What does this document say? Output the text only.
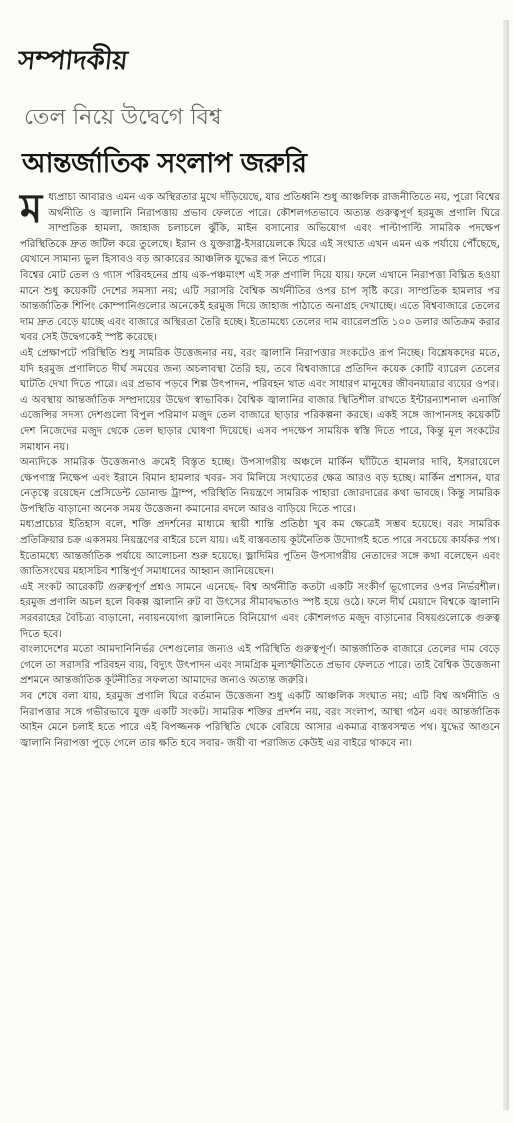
সম্পাদকীয়
তেল নিয়ে উদ্বেগে বিশ্ব
আন্তর্জাতিক সংলাপ জরুরি

মধ্যপ্রাচ্য আবারও এমন এক অস্থিরতার মুখে দাঁড়িয়েছে, যার প্রতিধ্বনি শুধু আঞ্চলিক রাজনীতিতে নয়, পুরো বিশ্বের অর্থনীতি ও জ্বালানি নিরাপত্তায় প্রভাব ফেলতে পারে। কৌশলগতভাবে অত্যন্ত গুরুত্বপূর্ণ হরমুজ প্রণালি ঘিরে সাম্প্রতিক হামলা, জাহাজ চলাচলে ঝুঁকি, মাইন বসানোর অভিযোগ এবং পাল্টাপাল্টি সামরিক পদক্ষেপ পরিস্থিতিকে দ্রুত জটিল করে তুলেছে। ইরান ও যুক্তরাষ্ট্র-ইসরায়েলকে ঘিরে এই সংঘাত এখন এমন এক পর্যায়ে পৌঁছেছে, যেখানে সামান্য ভুল হিসাবও বড় আকারের আঞ্চলিক যুদ্ধের রূপ নিতে পারে।

বিশ্বের মোট তেল ও গ্যাস পরিবহনের প্রায় এক-পঞ্চমাংশ এই সরু প্রণালি দিয়ে যায়। ফলে এখানে নিরাপত্তা বিঘ্নিত হওয়া মানে শুধু কয়েকটি দেশের সমস্যা নয়; এটি সরাসরি বৈশ্বিক অর্থনীতির ওপর চাপ সৃষ্টি করে। সাম্প্রতিক হামলার পর আন্তর্জাতিক শিপিং কোম্পানিগুলোর অনেকেই হরমুজ দিয়ে জাহাজ পাঠাতে অনাগ্রহ দেখাচ্ছে। এতে বিশ্ববাজারে তেলের দাম দ্রুত বেড়ে যাচ্ছে এবং বাজারে অস্থিরতা তৈরি হচ্ছে। ইতোমধ্যে তেলের দাম ব্যারেলপ্রতি ১০০ ডলার অতিক্রম করার খবর সেই উদ্বেগকেই স্পষ্ট করেছে।

এই প্রেক্ষাপটে পরিস্থিতি শুধু সামরিক উত্তেজনার নয়, বরং জ্বালানি নিরাপত্তার সংকটেও রূপ নিচ্ছে। বিশ্লেষকদের মতে, যদি হরমুজ প্রণালিতে দীর্ঘ সময়ের জন্য অচলাবস্থা তৈরি হয়, তবে বিশ্ববাজারে প্রতিদিন কয়েক কোটি ব্যারেল তেলের ঘাটতি দেখা দিতে পারে। এর প্রভাব পড়বে শিল্প উৎপাদন, পরিবহন খাত এবং সাধারণ মানুষের জীবনযাত্রার ব্যয়ের ওপর।

এ অবস্থায় আন্তর্জাতিক সম্প্রদায়ের উদ্বেগ স্বাভাবিক। বৈশ্বিক জ্বালানির বাজার স্থিতিশীল রাখতে ইন্টারন্যাশনাল এনার্জি এজেন্সির সদস্য দেশগুলো বিপুল পরিমাণ মজুদ তেল বাজারে ছাড়ার পরিকল্পনা করছে। একই সঙ্গে জাপানসহ কয়েকটি দেশ নিজেদের মজুদ থেকে তেল ছাড়ার ঘোষণা দিয়েছে। এসব পদক্ষেপ সাময়িক স্বস্তি দিতে পারে, কিন্তু মূল সংকটের সমাধান নয়।

অন্যদিকে সামরিক উত্তেজনাও ক্রমেই বিস্তৃত হচ্ছে। উপসাগরীয় অঞ্চলে মার্কিন ঘাঁটিতে হামলার দাবি, ইসরায়েলে ক্ষেপণাস্ত্র নিক্ষেপ এবং ইরানে বিমান হামলার খবর- সব মিলিয়ে সংঘাতের ক্ষেত্র আরও বড় হচ্ছে। মার্কিন প্রশাসন, যার নেতৃত্বে রয়েছেন প্রেসিডেন্ট ডোনাল্ড ট্রাম্প, পরিস্থিতি নিয়ন্ত্রণে সামরিক পাহারা জোরদারের কথা ভাবছে। কিন্তু সামরিক উপস্থিতি বাড়ানো অনেক সময় উত্তেজনা কমানোর বদলে আরও বাড়িয়ে দিতে পারে।

মধ্যপ্রাচ্যের ইতিহাস বলে, শক্তি প্রদর্শনের মাধ্যমে স্থায়ী শান্তি প্রতিষ্ঠা খুব কম ক্ষেত্রেই সম্ভব হয়েছে। বরং সামরিক প্রতিক্রিয়ার চক্র একসময় নিয়ন্ত্রণের বাইরে চলে যায়। এই বাস্তবতায় কূটনৈতিক উদ্যোগই হতে পারে সবচেয়ে কার্যকর পথ। ইতোমধ্যে আন্তর্জাতিক পর্যায়ে আলোচনা শুরু হয়েছে। ভ্লাদিমির পুতিন উপসাগরীয় নেতাদের সঙ্গে কথা বলেছেন এবং জাতিসংঘের মহাসচিব শান্তিপূর্ণ সমাধানের আহ্বান জানিয়েছেন।

এই সংকট আরেকটি গুরুত্বপূর্ণ প্রশ্নও সামনে এনেছে- বিশ্ব অর্থনীতি কতটা একটি সংকীর্ণ ভূগোলের ওপর নির্ভরশীল। হরমুজ প্রণালি অচল হলে বিকল্প জ্বালানি রুট বা উৎসের সীমাবদ্ধতাও স্পষ্ট হয়ে ওঠে। ফলে দীর্ঘ মেয়াদে বিশ্বকে জ্বালানি সরবরাহের বৈচিত্র্য বাড়ানো, নবায়নযোগ্য জ্বালানিতে বিনিয়োগ এবং কৌশলগত মজুদ বাড়ানোর বিষয়গুলোকে গুরুত্ব দিতে হবে।

বাংলাদেশের মতো আমদানিনির্ভর দেশগুলোর জন্যও এই পরিস্থিতি গুরুত্বপূর্ণ। আন্তর্জাতিক বাজারে তেলের দাম বেড়ে গেলে তা সরাসরি পরিবহন ব্যয়, বিদ্যুৎ উৎপাদন এবং সামগ্রিক মূল্যস্ফীতিতে প্রভাব ফেলতে পারে। তাই বৈশ্বিক উত্তেজনা প্রশমনে আন্তর্জাতিক কূটনীতির সফলতা আমাদের জন্যও অত্যন্ত জরুরি।

সব শেষে বলা যায়, হরমুজ প্রণালি ঘিরে বর্তমান উত্তেজনা শুধু একটি আঞ্চলিক সংঘাত নয়; এটি বিশ্ব অর্থনীতি ও নিরাপত্তার সঙ্গে গভীরভাবে যুক্ত একটি সংকট। সামরিক শক্তির প্রদর্শন নয়, বরং সংলাপ, আস্থা গঠন এবং আন্তর্জাতিক আইন মেনে চলাই হতে পারে এই বিপজ্জনক পরিস্থিতি থেকে বেরিয়ে আসার একমাত্র বাস্তবসম্মত পথ। যুদ্ধের আগুনে জ্বালানি নিরাপত্তা পুড়ে গেলে তার ক্ষতি হবে সবার- জয়ী বা পরাজিত কেউই এর বাইরে থাকবে না।
